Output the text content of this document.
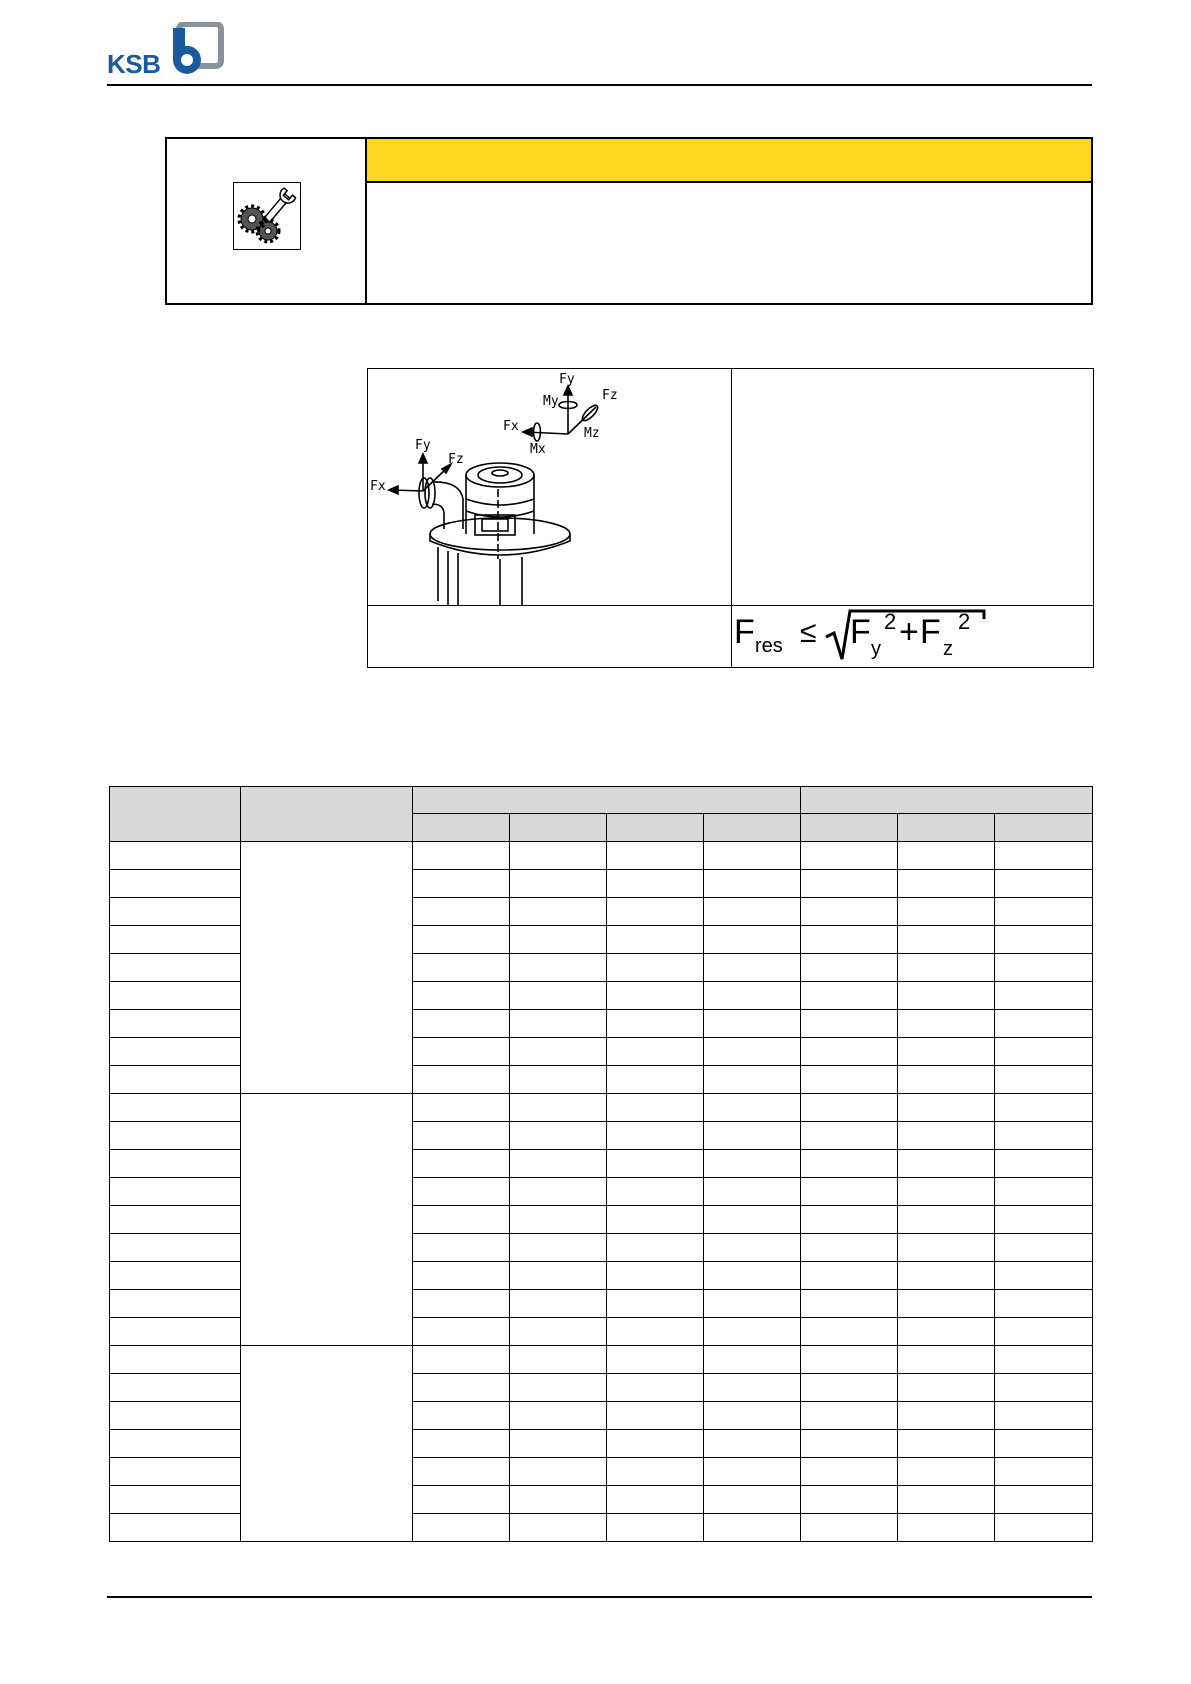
KSB
Fy
My	Fz
Fx	Mz
Mx
Fy
Fz
Fx
F res ≤ F y
2 + F z
2
